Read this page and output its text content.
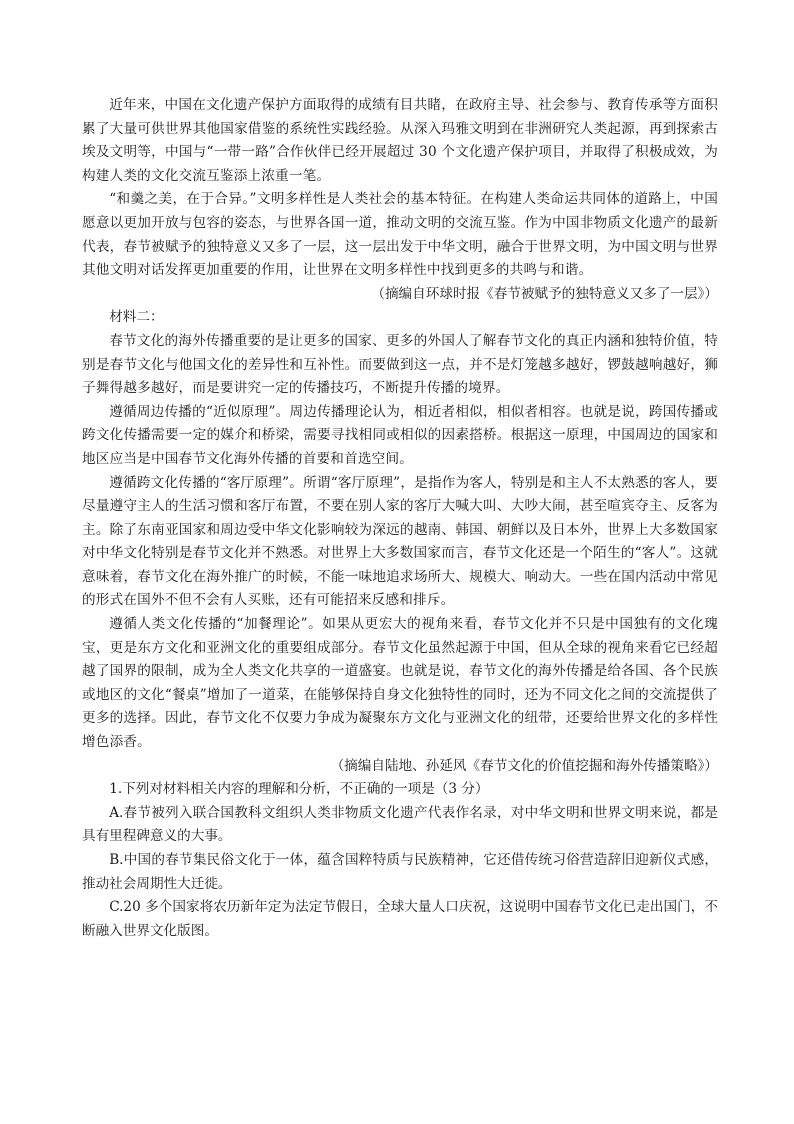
近年来，中国在文化遗产保护方面取得的成绩有目共睹，在政府主导、社会参与、教育传承等方面积累了大量可供世界其他国家借鉴的系统性实践经验。从深入玛雅文明到在非洲研究人类起源，再到探索古埃及文明等，中国与“一带一路”合作伙伴已经开展超过 30 个文化遗产保护项目，并取得了积极成效，为构建人类的文化交流互鉴添上浓重一笔。

“和羹之美，在于合异。”文明多样性是人类社会的基本特征。在构建人类命运共同体的道路上，中国愿意以更加开放与包容的姿态，与世界各国一道，推动文明的交流互鉴。作为中国非物质文化遗产的最新代表，春节被赋予的独特意义又多了一层，这一层出发于中华文明，融合于世界文明，为中国文明与世界其他文明对话发挥更加重要的作用，让世界在文明多样性中找到更多的共鸣与和谐。

（摘编自环球时报《春节被赋予的独特意义又多了一层》）

材料二：

春节文化的海外传播重要的是让更多的国家、更多的外国人了解春节文化的真正内涵和独特价值，特别是春节文化与他国文化的差异性和互补性。而要做到这一点，并不是灯笼越多越好，锣鼓越响越好，狮子舞得越多越好，而是要讲究一定的传播技巧，不断提升传播的境界。

遵循周边传播的“近似原理”。周边传播理论认为，相近者相似，相似者相容。也就是说，跨国传播或跨文化传播需要一定的媒介和桥梁，需要寻找相同或相似的因素搭桥。根据这一原理，中国周边的国家和地区应当是中国春节文化海外传播的首要和首选空间。

遵循跨文化传播的“客厅原理”。所谓“客厅原理”，是指作为客人，特别是和主人不太熟悉的客人，要尽量遵守主人的生活习惯和客厅布置，不要在别人家的客厅大喊大叫、大吵大闹，甚至喧宾夺主、反客为主。除了东南亚国家和周边受中华文化影响较为深远的越南、韩国、朝鲜以及日本外，世界上大多数国家对中华文化特别是春节文化并不熟悉。对世界上大多数国家而言，春节文化还是一个陌生的“客人”。这就意味着，春节文化在海外推广的时候，不能一味地追求场所大、规模大、响动大。一些在国内活动中常见的形式在国外不但不会有人买账，还有可能招来反感和排斥。

遵循人类文化传播的“加餐理论”。如果从更宏大的视角来看，春节文化并不只是中国独有的文化瑰宝，更是东方文化和亚洲文化的重要组成部分。春节文化虽然起源于中国，但从全球的视角来看它已经超越了国界的限制，成为全人类文化共享的一道盛宴。也就是说，春节文化的海外传播是给各国、各个民族或地区的文化“餐桌”增加了一道菜，在能够保持自身文化独特性的同时，还为不同文化之间的交流提供了更多的选择。因此，春节文化不仅要力争成为凝聚东方文化与亚洲文化的纽带，还要给世界文化的多样性增色添香。

（摘编自陆地、孙延风《春节文化的价值挖掘和海外传播策略》）

1.下列对材料相关内容的理解和分析，不正确的一项是（3 分）

A.春节被列入联合国教科文组织人类非物质文化遗产代表作名录，对中华文明和世界文明来说，都是具有里程碑意义的大事。

B.中国的春节集民俗文化于一体，蕴含国粹特质与民族精神，它还借传统习俗营造辞旧迎新仪式感，推动社会周期性大迁徙。

C.20 多个国家将农历新年定为法定节假日，全球大量人口庆祝，这说明中国春节文化已走出国门，不断融入世界文化版图。
